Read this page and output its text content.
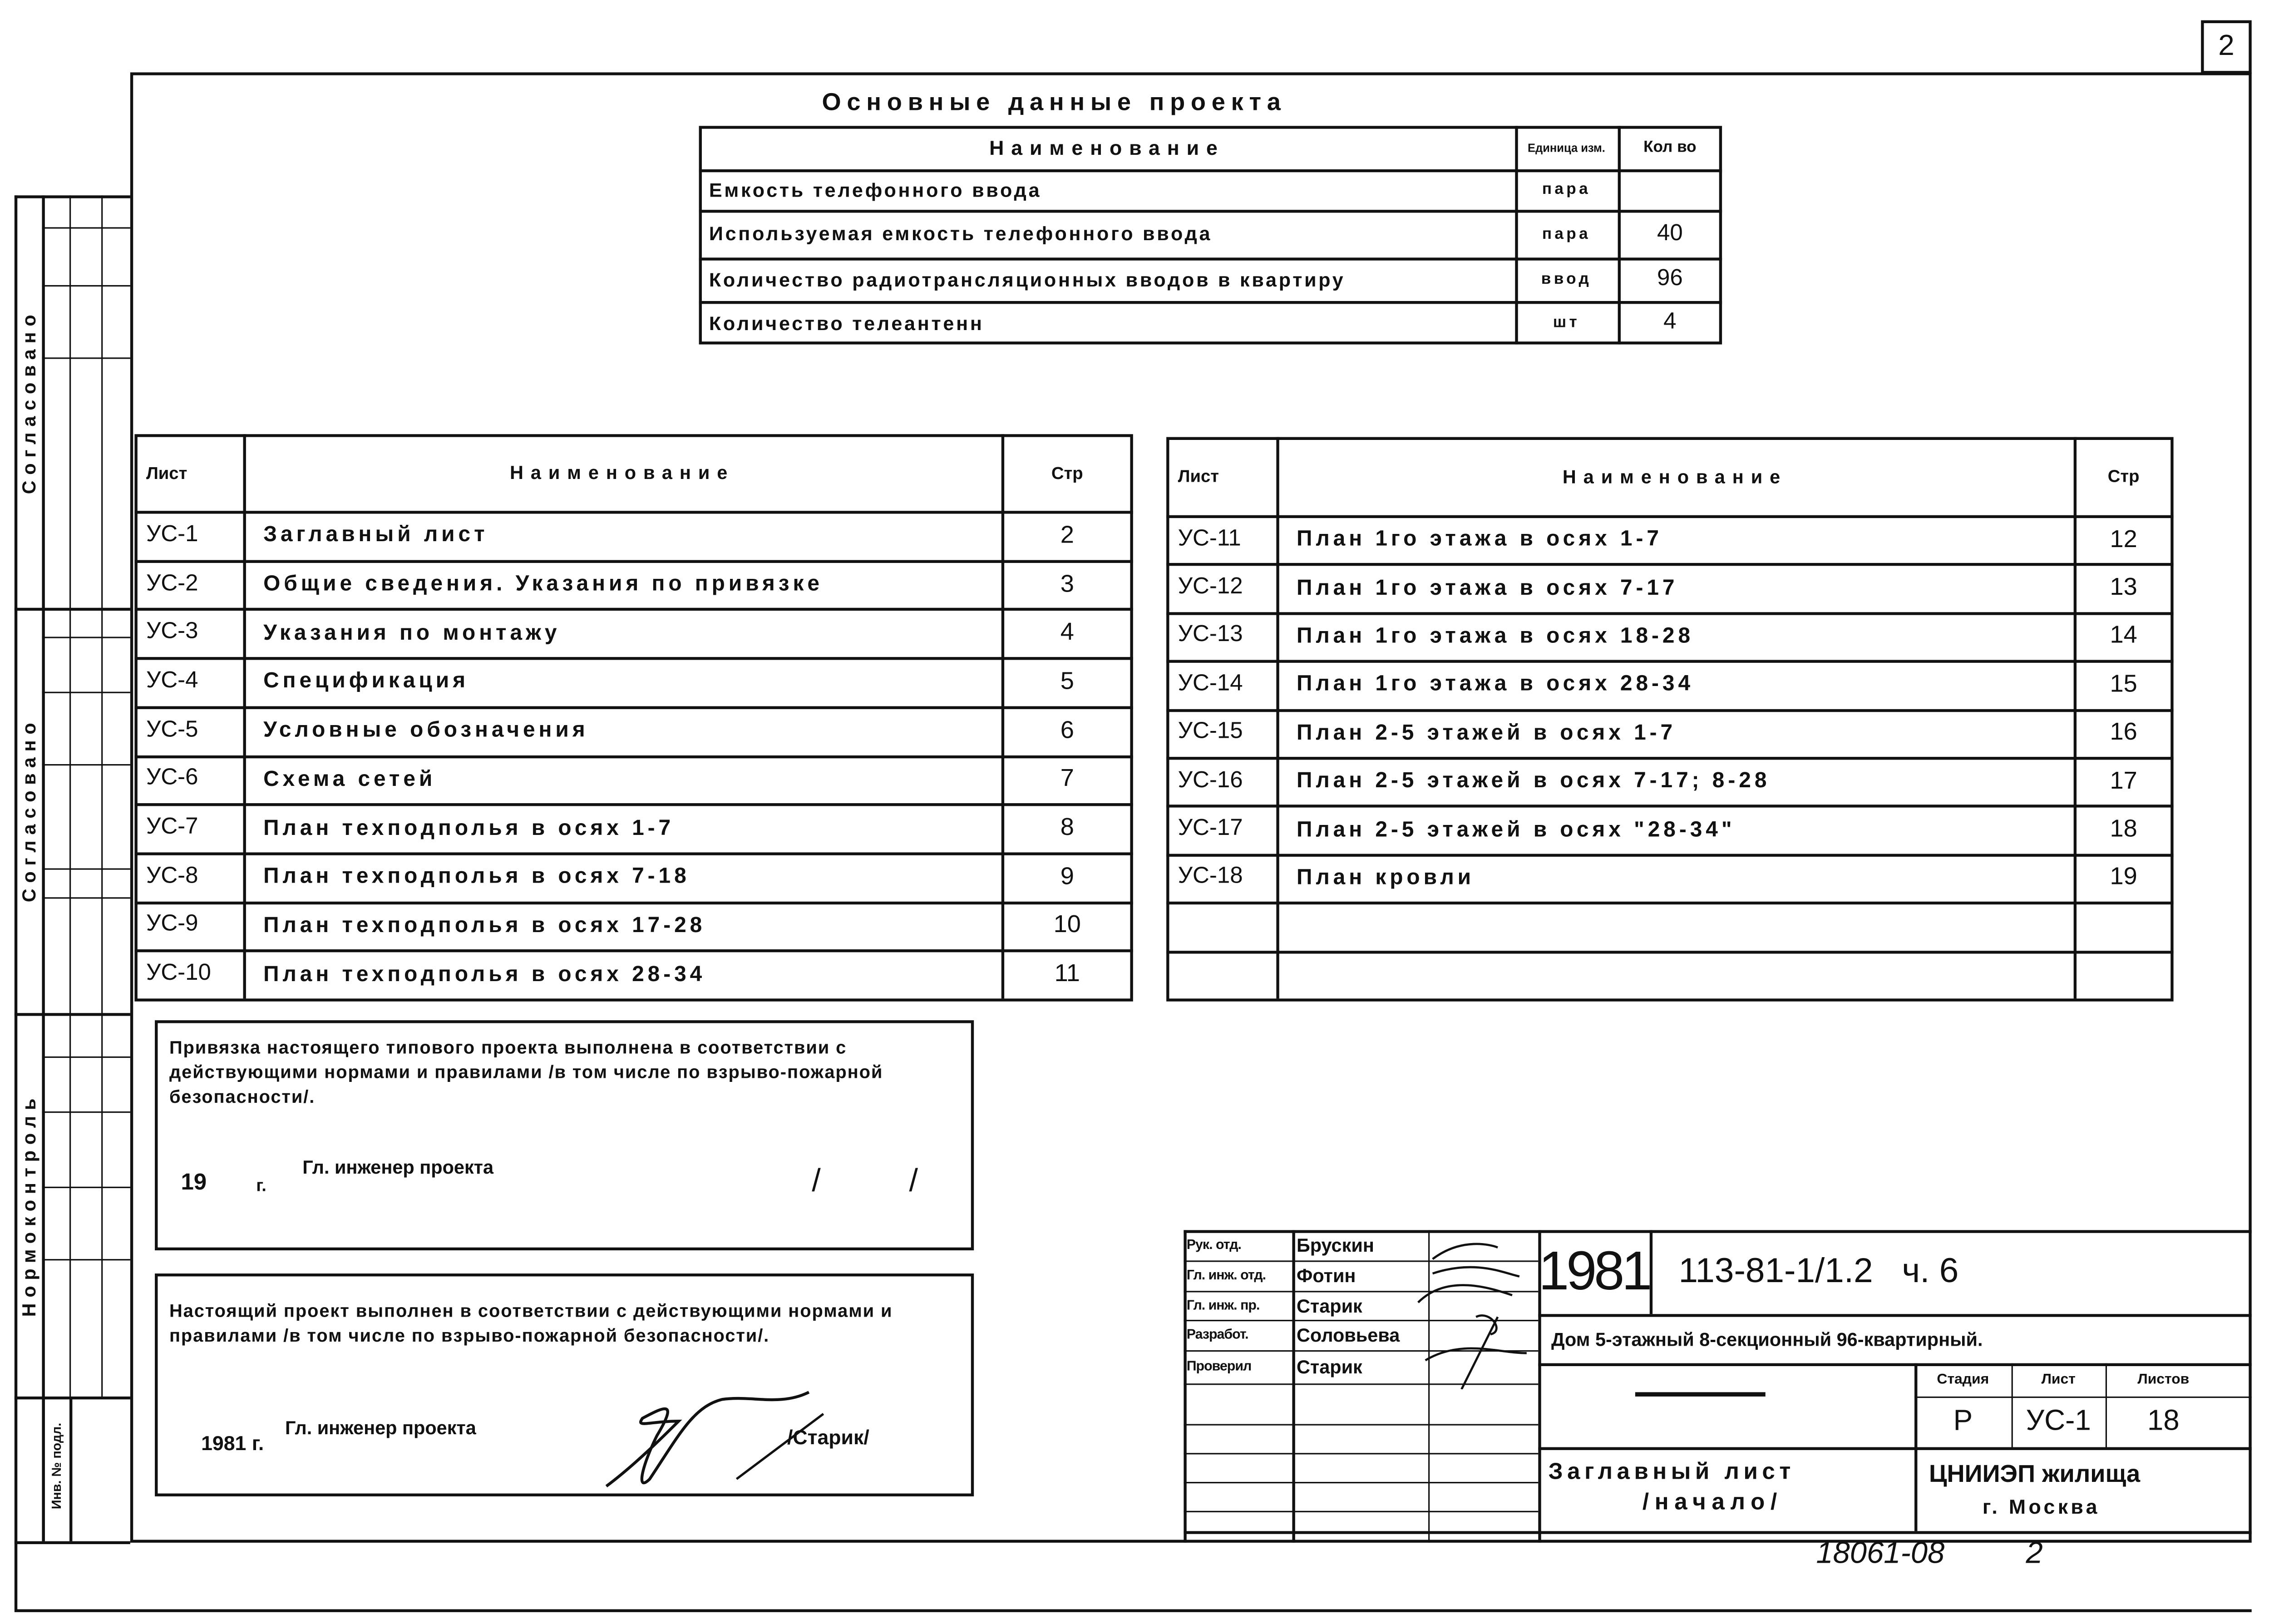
2
Согласовано
Согласовано
Нормоконтроль
Инв. № подл.
Основные данные проекта
Наименование	Единица изм.	Кол во
Емкость телефонного ввода	пара
Используемая емкость телефонного ввода	пара	40
Количество радиотрансляционных вводов в квартиру	ввод	96
Количество телеантенн	шт	4
Лист	Наименование	Стр
УС-1	Заглавный лист	2
УС-2	Общие сведения. Указания по привязке	3
УС-3	Указания по монтажу	4
УС-4	Спецификация	5
УС-5	Условные обозначения	6
УС-6	Схема сетей	7
УС-7	План техподполья в осях 1-7	8
УС-8	План техподполья в осях 7-18	9
УС-9	План техподполья в осях 17-28	10
УС-10	План техподполья в осях 28-34	11
Лист	Наименование	Стр
УС-11	План 1го этажа в осях 1-7	12
УС-12	План 1го этажа в осях 7-17	13
УС-13	План 1го этажа в осях 18-28	14
УС-14	План 1го этажа в осях 28-34	15
УС-15	План 2-5 этажей в осях 1-7	16
УС-16	План 2-5 этажей в осях 7-17; 8-28	17
УС-17	План 2-5 этажей в осях "28-34"	18
УС-18	План кровли	19
Привязка настоящего типового проекта выполнена в соответствии с действующими нормами и правилами /в том числе по взрыво-пожарной безопасности/.
19	г.
Гл. инженер проекта	/          /
Настоящий проект выполнен в соответствии с действующими нормами и правилами /в том числе по взрыво-пожарной безопасности/.
1981 г.
Гл. инженер проекта	/Старик/
Рук. отд.	Брускин
Гл. инж. отд.	Фотин
Гл. инж. пр.	Старик
Разработ.	Соловьева
Проверил	Старик
1981	113-81-1/1.2   ч. 6
Дом 5-этажный 8-секционный 96-квартирный.
Стадия	Лист	Листов
Р	УС-1	18
Заглавный лист
/начало/
ЦНИИЭП жилища
г. Москва
18061-08	2
